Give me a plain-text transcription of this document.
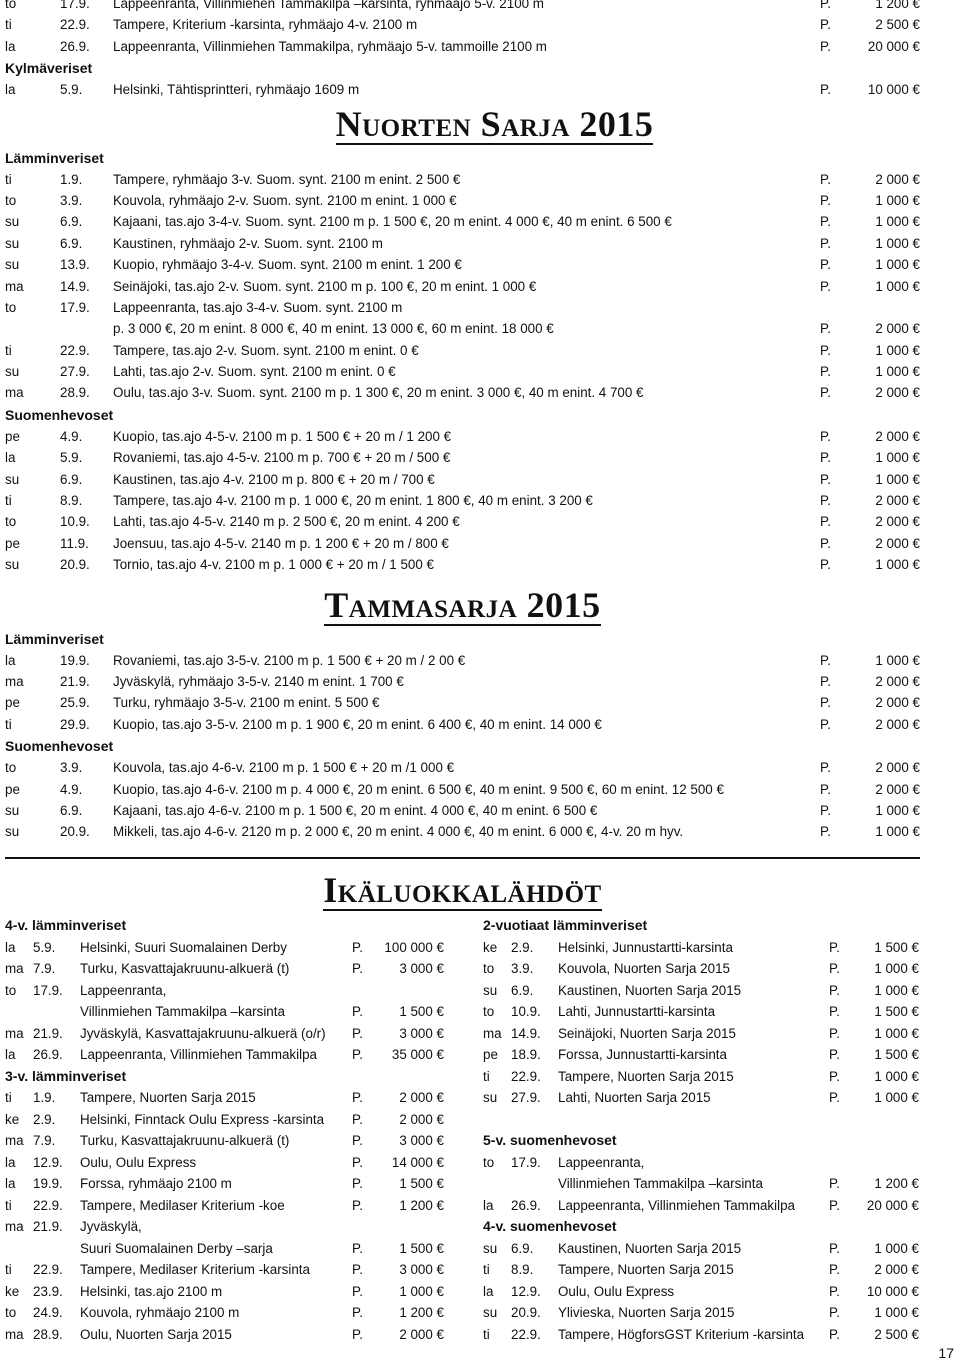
to	17.9. Lappeenranta, Villinmiehen Tammakilpa –karsinta, ryhmäajo 5-v. 2100 m	P.	1 200 €
ti	22.9. Tampere, Kriterium -karsinta, ryhmäajo 4-v. 2100 m	P.	2 500 €
la	26.9. Lappeenranta, Villinmiehen Tammakilpa, ryhmäajo 5-v. tammoille 2100 m	P.	20 000 €
Kylmäveriset
la	5.9. Helsinki, Tähtisprintteri, ryhmäajo 1609 m	P.	10 000 €
Nuorten Sarja 2015
Lämminveriset
ti	1.9. Tampere, ryhmäajo 3-v. Suom. synt. 2100 m enint. 2 500 €	P.	2 000 €
to	3.9. Kouvola, ryhmäajo 2-v. Suom. synt. 2100 m enint. 1 000 €	P.	1 000 €
su	6.9. Kajaani, tas.ajo 3-4-v. Suom. synt. 2100 m p. 1 500 €, 20 m enint. 4 000 €, 40 m enint. 6 500 €	P.	1 000 €
su	6.9. Kaustinen, ryhmäajo 2-v. Suom. synt. 2100 m	P.	1 000 €
su	13.9. Kuopio, ryhmäajo 3-4-v. Suom. synt. 2100 m enint. 1 200 €	P.	1 000 €
ma	14.9. Seinäjoki, tas.ajo 2-v. Suom. synt. 2100 m p. 100 €, 20 m enint. 1 000 €	P.	1 000 €
to	17.9. Lappeenranta, tas.ajo 3-4-v. Suom. synt. 2100 m
p. 3 000 €, 20 m enint. 8 000 €, 40 m enint. 13 000 €, 60 m enint. 18 000 €	P.	2 000 €
ti	22.9. Tampere, tas.ajo 2-v. Suom. synt. 2100 m enint. 0 €	P.	1 000 €
su	27.9. Lahti, tas.ajo 2-v. Suom. synt. 2100 m enint. 0 €	P.	1 000 €
ma	28.9. Oulu, tas.ajo 3-v. Suom. synt. 2100 m p. 1 300 €, 20 m enint. 3 000 €, 40 m enint. 4 700 €	P.	2 000 €
Suomenhevoset
pe	4.9. Kuopio, tas.ajo 4-5-v. 2100 m p. 1 500 € + 20 m / 1 200 €	P.	2 000 €
la	5.9. Rovaniemi, tas.ajo 4-5-v. 2100 m p. 700 € + 20 m / 500 €	P.	1 000 €
su	6.9. Kaustinen, tas.ajo 4-v. 2100 m p. 800 € + 20 m / 700 €	P.	1 000 €
ti	8.9. Tampere, tas.ajo 4-v. 2100 m p. 1 000 €, 20 m enint. 1 800 €, 40 m enint. 3 200 €	P.	2 000 €
to	10.9. Lahti, tas.ajo 4-5-v. 2140 m p. 2 500 €, 20 m enint. 4 200 €	P.	2 000 €
pe	11.9. Joensuu, tas.ajo 4-5-v. 2140 m p. 1 200 € + 20 m / 800 €	P.	2 000 €
su	20.9. Tornio, tas.ajo 4-v. 2100 m p. 1 000 € + 20 m / 1 500 €	P.	1 000 €
Tammasarja 2015
Lämminveriset
la	19.9. Rovaniemi, tas.ajo 3-5-v. 2100 m p. 1 500 € + 20 m / 2 00 €	P.	1 000 €
ma	21.9. Jyväskylä, ryhmäajo 3-5-v. 2140 m enint. 1 700 €	P.	2 000 €
pe	25.9. Turku, ryhmäajo 3-5-v. 2100 m enint. 5 500 €	P.	2 000 €
ti	29.9. Kuopio, tas.ajo 3-5-v. 2100 m p. 1 900 €, 20 m enint. 6 400 €, 40 m enint. 14 000 €	P.	2 000 €
Suomenhevoset
to	3.9. Kouvola, tas.ajo 4-6-v. 2100 m p. 1 500 € + 20 m /1 000 €	P.	2 000 €
pe	4.9. Kuopio, tas.ajo 4-6-v. 2100 m p. 4 000 €, 20 m enint. 6 500 €, 40 m enint. 9 500 €, 60 m enint. 12 500 €	P.	2 000 €
su	6.9. Kajaani, tas.ajo 4-6-v. 2100 m p. 1 500 €, 20 m enint. 4 000 €, 40 m enint. 6 500 €	P.	1 000 €
su	20.9. Mikkeli, tas.ajo 4-6-v. 2120 m p. 2 000 €, 20 m enint. 4 000 €, 40 m enint. 6 000 €, 4-v. 20 m hyv.	P.	1 000 €
Ikäluokkalähdöt
4-v. lämminveriset
la 5.9. Helsinki, Suuri Suomalainen Derby	P. 100 000 €
ma 7.9. Turku, Kasvattajakruunu-alkuerä (t)	P.	3 000 €
to 17.9. Lappeenranta,
Villinmiehen Tammakilpa –karsinta	P.	1 500 €
ma 21.9. Jyväskylä, Kasvattajakruunu-alkuerä (o/r) P.	3 000 €
la 26.9. Lappeenranta, Villinmiehen Tammakilpa	P. 35 000 €
3-v. lämminveriset
ti 1.9. Tampere, Nuorten Sarja 2015	P.	2 000 €
ke 2.9. Helsinki, Finntack Oulu Express -karsinta P.	2 000 €
ma 7.9. Turku, Kasvattajakruunu-alkuerä (t)	P.	3 000 €
la 12.9. Oulu, Oulu Express	P. 14 000 €
la 19.9. Forssa, ryhmäajo 2100 m	P.	1 500 €
ti 22.9. Tampere, Medilaser Kriterium -koe	P.	1 200 €
ma 21.9. Jyväskylä,
Suuri Suomalainen Derby –sarja	P.	1 500 €
ti 22.9. Tampere, Medilaser Kriterium -karsinta	P.	3 000 €
ke 23.9. Helsinki, tas.ajo 2100 m	P.	1 000 €
to 24.9. Kouvola, ryhmäajo 2100 m	P.	1 200 €
ma 28.9. Oulu, Nuorten Sarja 2015	P.	2 000 €
2-vuotiaat lämminveriset
ke 2.9. Helsinki, Junnustartti-karsinta	P.	1 500 €
to 3.9. Kouvola, Nuorten Sarja 2015	P.	1 000 €
su 6.9. Kaustinen, Nuorten Sarja 2015	P.	1 000 €
to 10.9. Lahti, Junnustartti-karsinta	P.	1 500 €
ma 14.9. Seinäjoki, Nuorten Sarja 2015	P.	1 000 €
pe 18.9. Forssa, Junnustartti-karsinta	P.	1 500 €
ti 22.9. Tampere, Nuorten Sarja 2015	P.	1 000 €
su 27.9. Lahti, Nuorten Sarja 2015	P.	1 000 €
5-v. suomenhevoset
to 17.9. Lappeenranta,
Villinmiehen Tammakilpa –karsinta	P.	1 200 €
la 26.9. Lappeenranta, Villinmiehen Tammakilpa	P. 20 000 €
4-v. suomenhevoset
su 6.9. Kaustinen, Nuorten Sarja 2015	P.	1 000 €
ti 8.9. Tampere, Nuorten Sarja 2015	P.	2 000 €
la 12.9. Oulu, Oulu Express	P. 10 000 €
su 20.9. Ylivieska, Nuorten Sarja 2015	P.	1 000 €
ti 22.9. Tampere, HögforsGST Kriterium -karsinta P.	2 500 €
17
